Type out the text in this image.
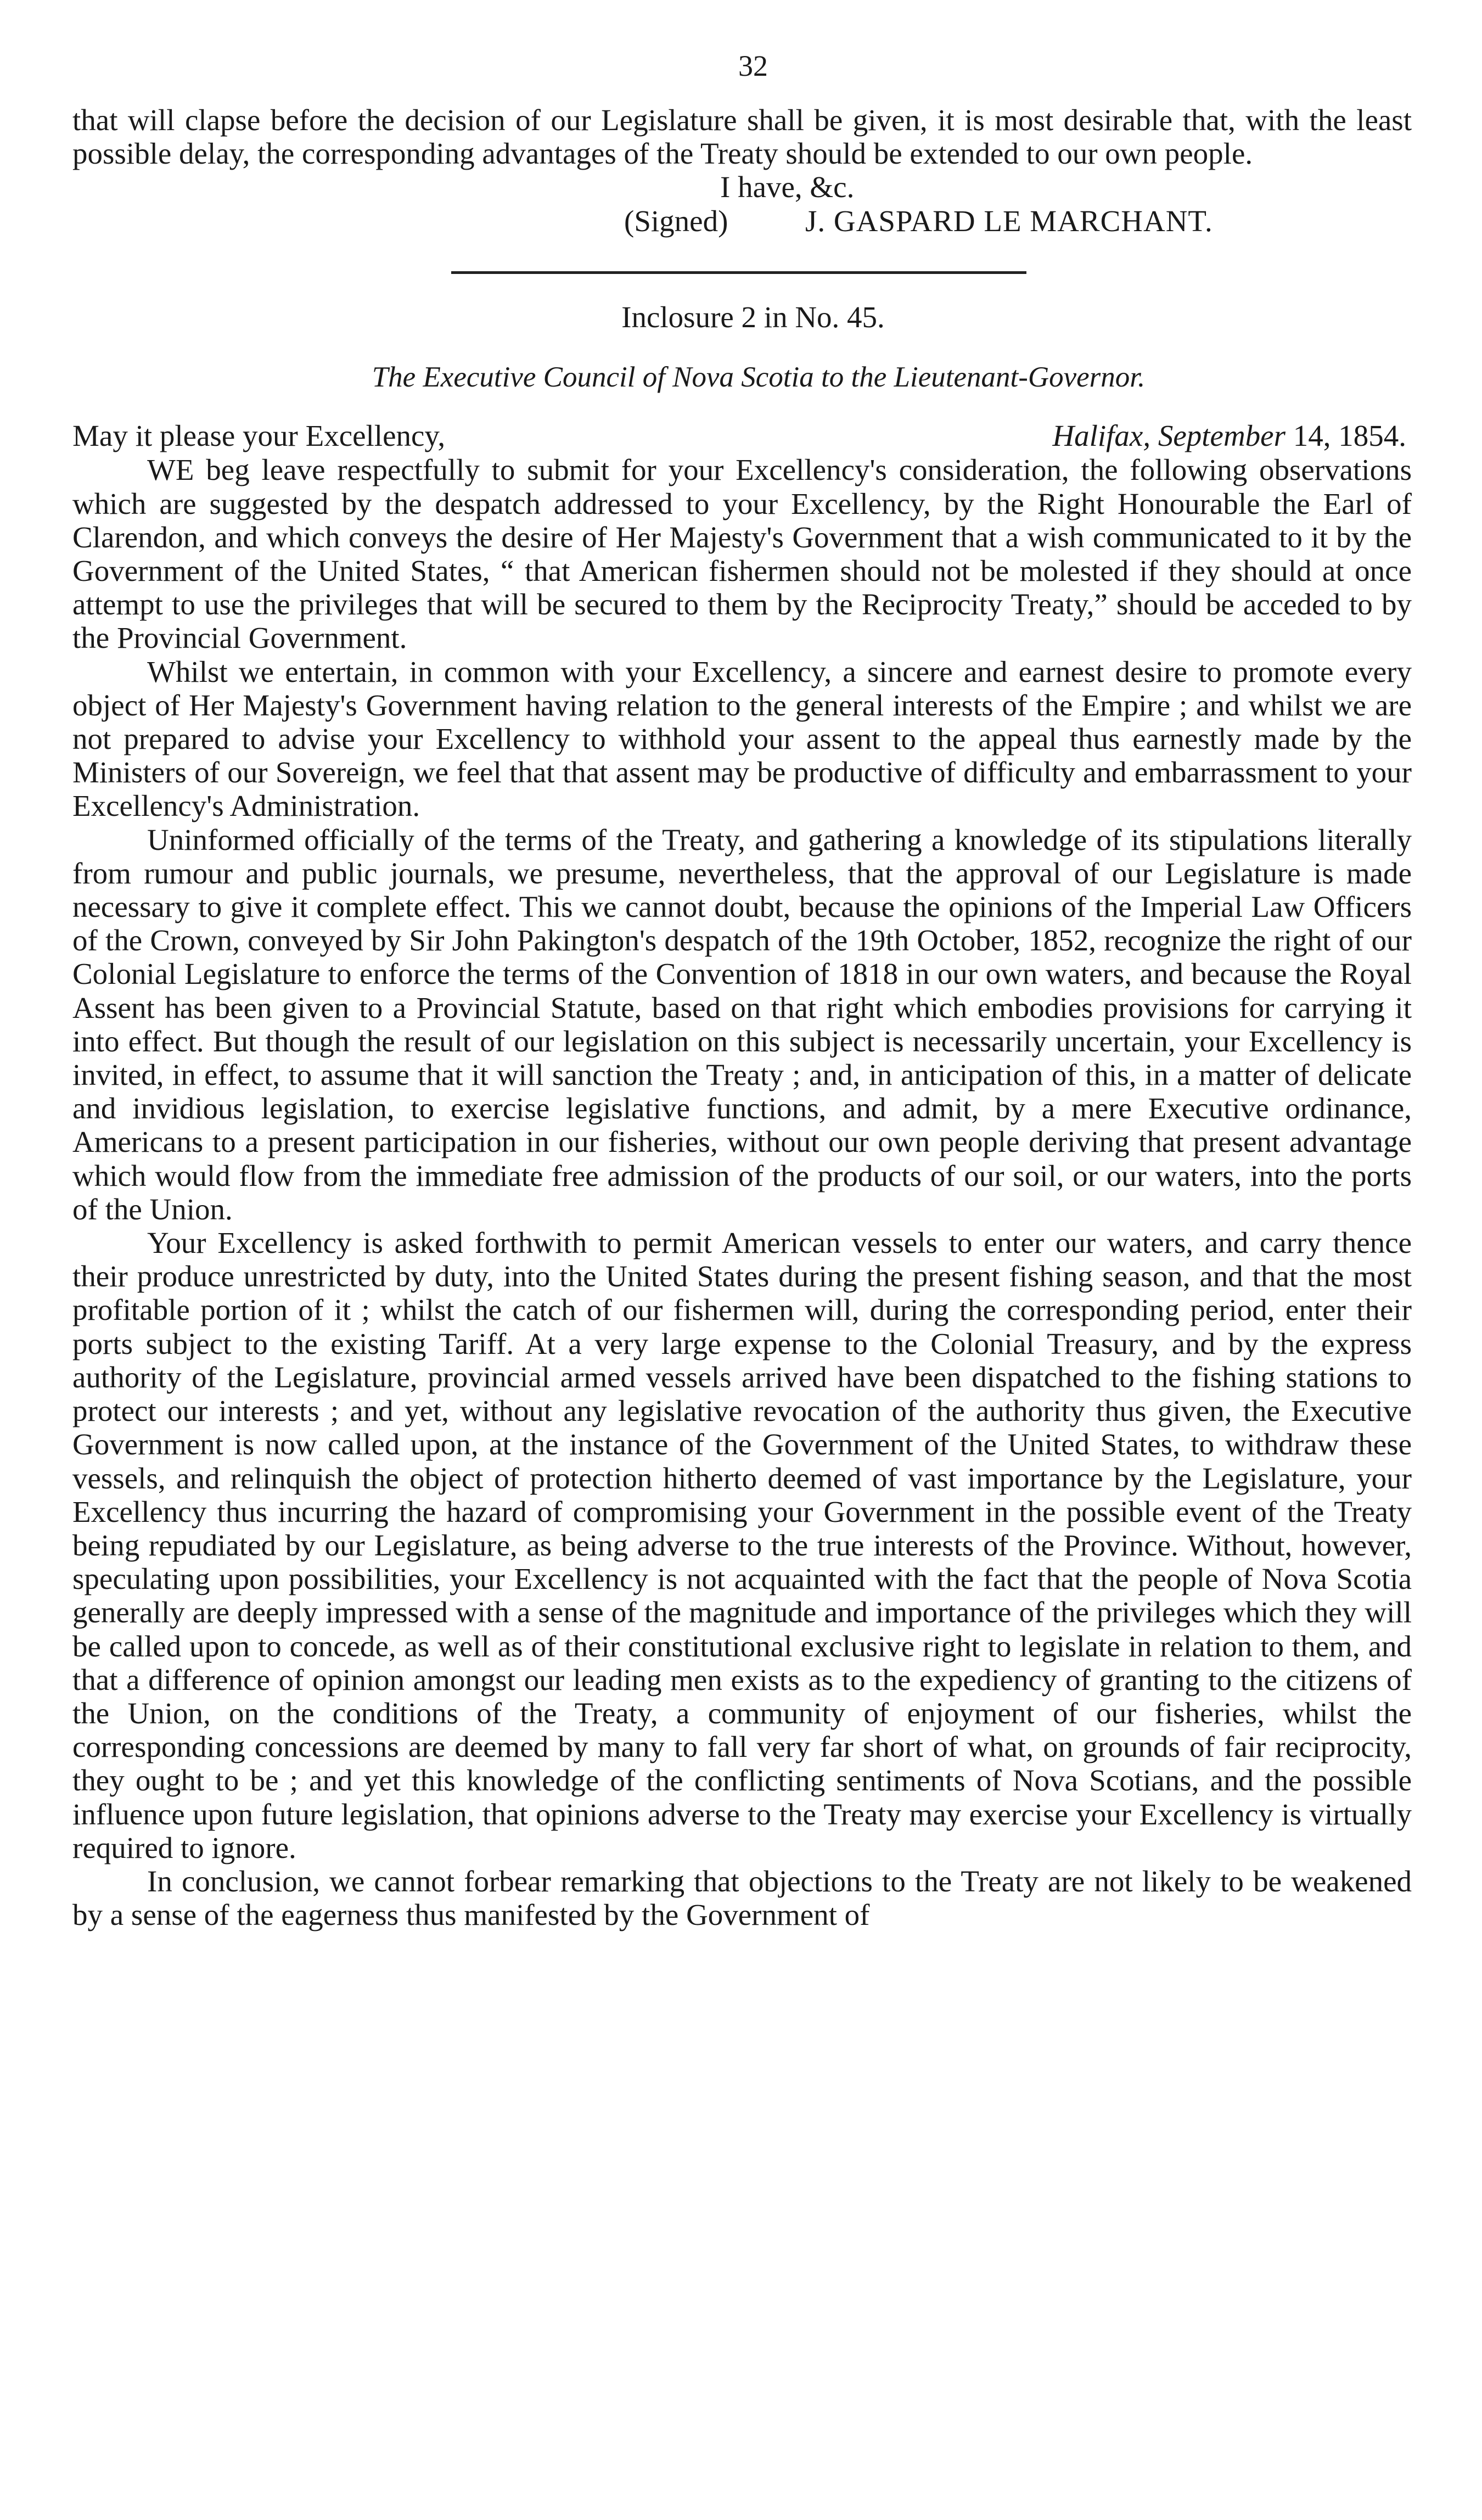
32

that will clapse before the decision of our Legislature shall be given, it is most desirable that, with the least possible delay, the corresponding advantages of the Treaty should be extended to our own people.

I have, &c.
(Signed)	J. GASPARD LE MARCHANT.
Inclosure 2 in No. 45.
The Executive Council of Nova Scotia to the Lieutenant-Governor.
May it please your Excellency,	Halifax, September 14, 1854.

WE beg leave respectfully to submit for your Excellency's consideration, the following observations which are suggested by the despatch addressed to your Excellency, by the Right Honourable the Earl of Clarendon, and which conveys the desire of Her Majesty's Government that a wish communicated to it by the Government of the United States, “ that American fishermen should not be molested if they should at once attempt to use the privileges that will be secured to them by the Reciprocity Treaty,” should be acceded to by the Provincial Government.

Whilst we entertain, in common with your Excellency, a sincere and earnest desire to promote every object of Her Majesty's Government having relation to the general interests of the Empire ; and whilst we are not prepared to advise your Excellency to withhold your assent to the appeal thus earnestly made by the Ministers of our Sovereign, we feel that that assent may be productive of difficulty and embarrassment to your Excellency's Administration.

Uninformed officially of the terms of the Treaty, and gathering a knowledge of its stipulations literally from rumour and public journals, we presume, nevertheless, that the approval of our Legislature is made necessary to give it complete effect. This we cannot doubt, because the opinions of the Imperial Law Officers of the Crown, conveyed by Sir John Pakington's despatch of the 19th October, 1852, recognize the right of our Colonial Legislature to enforce the terms of the Convention of 1818 in our own waters, and because the Royal Assent has been given to a Provincial Statute, based on that right which embodies provisions for carrying it into effect. But though the result of our legislation on this subject is necessarily uncertain, your Excellency is invited, in effect, to assume that it will sanction the Treaty ; and, in anticipation of this, in a matter of delicate and invidious legislation, to exercise legislative functions, and admit, by a mere Executive ordinance, Americans to a present participation in our fisheries, without our own people deriving that present advantage which would flow from the immediate free admission of the products of our soil, or our waters, into the ports of the Union.

Your Excellency is asked forthwith to permit American vessels to enter our waters, and carry thence their produce unrestricted by duty, into the United States during the present fishing season, and that the most profitable portion of it ; whilst the catch of our fishermen will, during the corresponding period, enter their ports subject to the existing Tariff. At a very large expense to the Colonial Treasury, and by the express authority of the Legislature, provincial armed vessels arrived have been dispatched to the fishing stations to protect our interests ; and yet, without any legislative revocation of the authority thus given, the Executive Government is now called upon, at the instance of the Government of the United States, to withdraw these vessels, and relinquish the object of protection hitherto deemed of vast importance by the Legislature, your Excellency thus incurring the hazard of compromising your Government in the possible event of the Treaty being repudiated by our Legislature, as being adverse to the true interests of the Province. Without, however, speculating upon possibilities, your Excellency is not acquainted with the fact that the people of Nova Scotia generally are deeply impressed with a sense of the magnitude and importance of the privileges which they will be called upon to concede, as well as of their constitutional exclusive right to legislate in relation to them, and that a difference of opinion amongst our leading men exists as to the expediency of granting to the citizens of the Union, on the conditions of the Treaty, a community of enjoyment of our fisheries, whilst the corresponding concessions are deemed by many to fall very far short of what, on grounds of fair reciprocity, they ought to be ; and yet this knowledge of the conflicting sentiments of Nova Scotians, and the possible influence upon future legislation, that opinions adverse to the Treaty may exercise your Excellency is virtually required to ignore.

In conclusion, we cannot forbear remarking that objections to the Treaty are not likely to be weakened by a sense of the eagerness thus manifested by the Government of
